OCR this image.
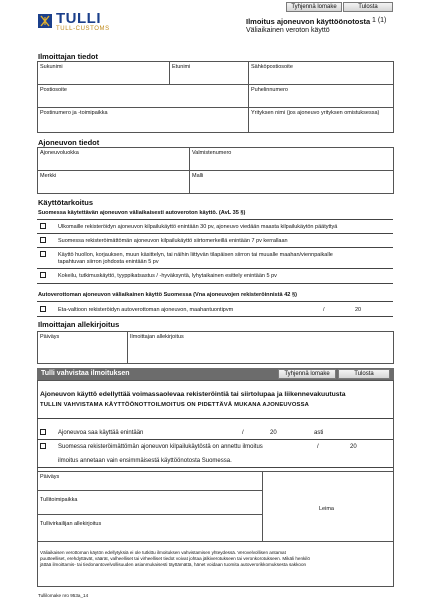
Tyhjennä lomake	Tulosta
TULLI
TULL-CUSTOMS
Ilmoitus ajoneuvon käyttöönotosta 1 (1)
Väliaikainen veroton käyttö
Ilmoittajan tiedot
Sukunimi	Etunimi	Sähköpostiosoite
Postiosoite	Puhelinnumero
Postinumero ja -toimipaikka	Yrityksen nimi (jos ajoneuvo yrityksen omistuksessa)
Ajoneuvon tiedot
Ajoneuvoluokka	Valmistenumero
Merkki	Malli
Käyttötarkoitus
Suomessa käytettävän ajoneuvon väliaikaisesti autoveroton käyttö. (AvL 35 §)
Ulkomaille rekisteröidyn ajoneuvon kilpailukäyttö enintään 30 pv, ajoneuvo viedään maasta kilpailukäytön päätyttyä
Suomessa rekisteröimättömän ajoneuvon kilpailukäyttö siirtomerkeillä enintään 7 pv kerrallaan
Käyttö huollon, korjauksen, muun käsittelyn, tai näihin liittyvän tilapäisen siirron tai muualle maahan/viennpaikalle
tapahtuvan siirron johdosta enintään 5 pv
Kokeilu, tutkimuskäyttö, tyyppikatsastus / -hyväksyntä, lyhytaikainen esittely enintään 5 pv
Autoverottoman ajoneuvon väliaikainen käyttö Suomessa (Vna ajoneuvojen rekisteröinnistä 42 §)
Eta-valtioon rekisteröidyn autoverottoman ajoneuvon, maahantuontipvm	/	20
Ilmoittajan allekirjoitus
Päiväys	Ilmoittajan allekirjoitus
Tulli vahvistaa ilmoituksen	Tyhjennä lomake	Tulosta
Ajoneuvon käyttö edellyttää voimassaolevaa rekisteröintiä tai siirtolupaa ja liikennevakuutusta
TULLIN VAHVISTAMA KÄYTTÖÖNOTTOILMOITUS ON PIDETTÄVÄ MUKANA AJONEUVOSSA
Ajoneuvoa saa käyttää enintään	/	20	asti
Suomessa rekisteröimättömän ajoneuvon kilpailukäytöstä on annettu ilmoitus	/	20
ilmoitus annetaan vain ensimmäisestä käyttöönotosta Suomessa.
Päiväys
Tullitoimipaikka
Tullivirkailijan allekirjoitus
Leima
Väliaikaisen verottoman käytön edellytyksiä ei ole tutkittu ilmoituksen vahvistamisen yhteydessä. Verovelvollisen antamat
puutteelliset, erehdyttävät, väärät, valheelliset tai virheelliset tiedot voivat johtaa jälkiverotukseen tai veronkorotukseen. Mikäli henkilö
jättää ilmoittamis- tai tiedonantovelvollisuuden asianmukaisesti täyttämättä, hänet voidaan tuomita autoverorikkomuksesta sakkoon
Tullilomake nro 953a_14
